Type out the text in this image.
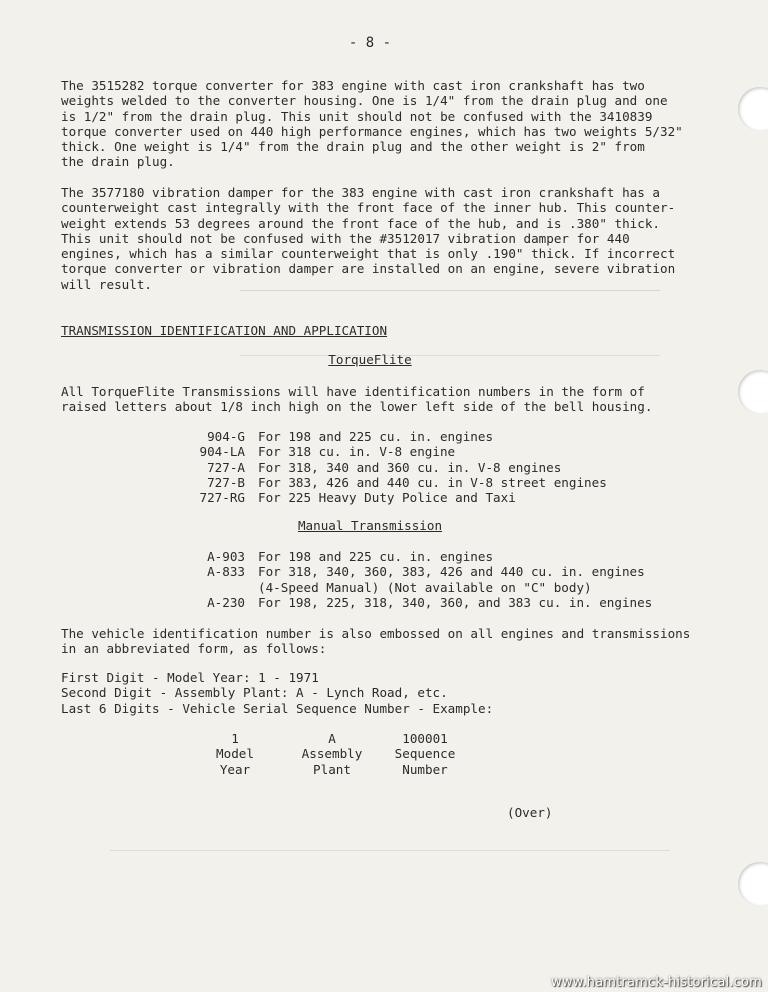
- 8 -
The 3515282 torque converter for 383 engine with cast iron crankshaft has two
weights welded to the converter housing. One is 1/4" from the drain plug and one
is 1/2" from the drain plug. This unit should not be confused with the 3410839
torque converter used on 440 high performance engines, which has two weights 5/32"
thick. One weight is 1/4" from the drain plug and the other weight is 2" from
the drain plug.
The 3577180 vibration damper for the 383 engine with cast iron crankshaft has a
counterweight cast integrally with the front face of the inner hub. This counter-
weight extends 53 degrees around the front face of the hub, and is .380" thick.
This unit should not be confused with the #3512017 vibration damper for 440
engines, which has a similar counterweight that is only .190" thick. If incorrect
torque converter or vibration damper are installed on an engine, severe vibration
will result.
TRANSMISSION IDENTIFICATION AND APPLICATION
TorqueFlite
All TorqueFlite Transmissions will have identification numbers in the form of
raised letters about 1/8 inch high on the lower left side of the bell housing.
904-G For 198 and 225 cu. in. engines
904-LA For 318 cu. in. V-8 engine
727-A For 318, 340 and 360 cu. in. V-8 engines
727-B For 383, 426 and 440 cu. in V-8 street engines
727-RG For 225 Heavy Duty Police and Taxi
Manual Transmission
A-903 For 198 and 225 cu. in. engines
A-833 For 318, 340, 360, 383, 426 and 440 cu. in. engines
(4-Speed Manual) (Not available on "C" body)
A-230 For 198, 225, 318, 340, 360, and 383 cu. in. engines
The vehicle identification number is also embossed on all engines and transmissions
in an abbreviated form, as follows:
First Digit - Model Year: 1 - 1971
Second Digit - Assembly Plant: A - Lynch Road, etc.
Last 6 Digits - Vehicle Serial Sequence Number - Example:
1
Model
Year
A
Assembly
Plant
100001
Sequence
Number
(Over)
www.hamtramck-historical.com
